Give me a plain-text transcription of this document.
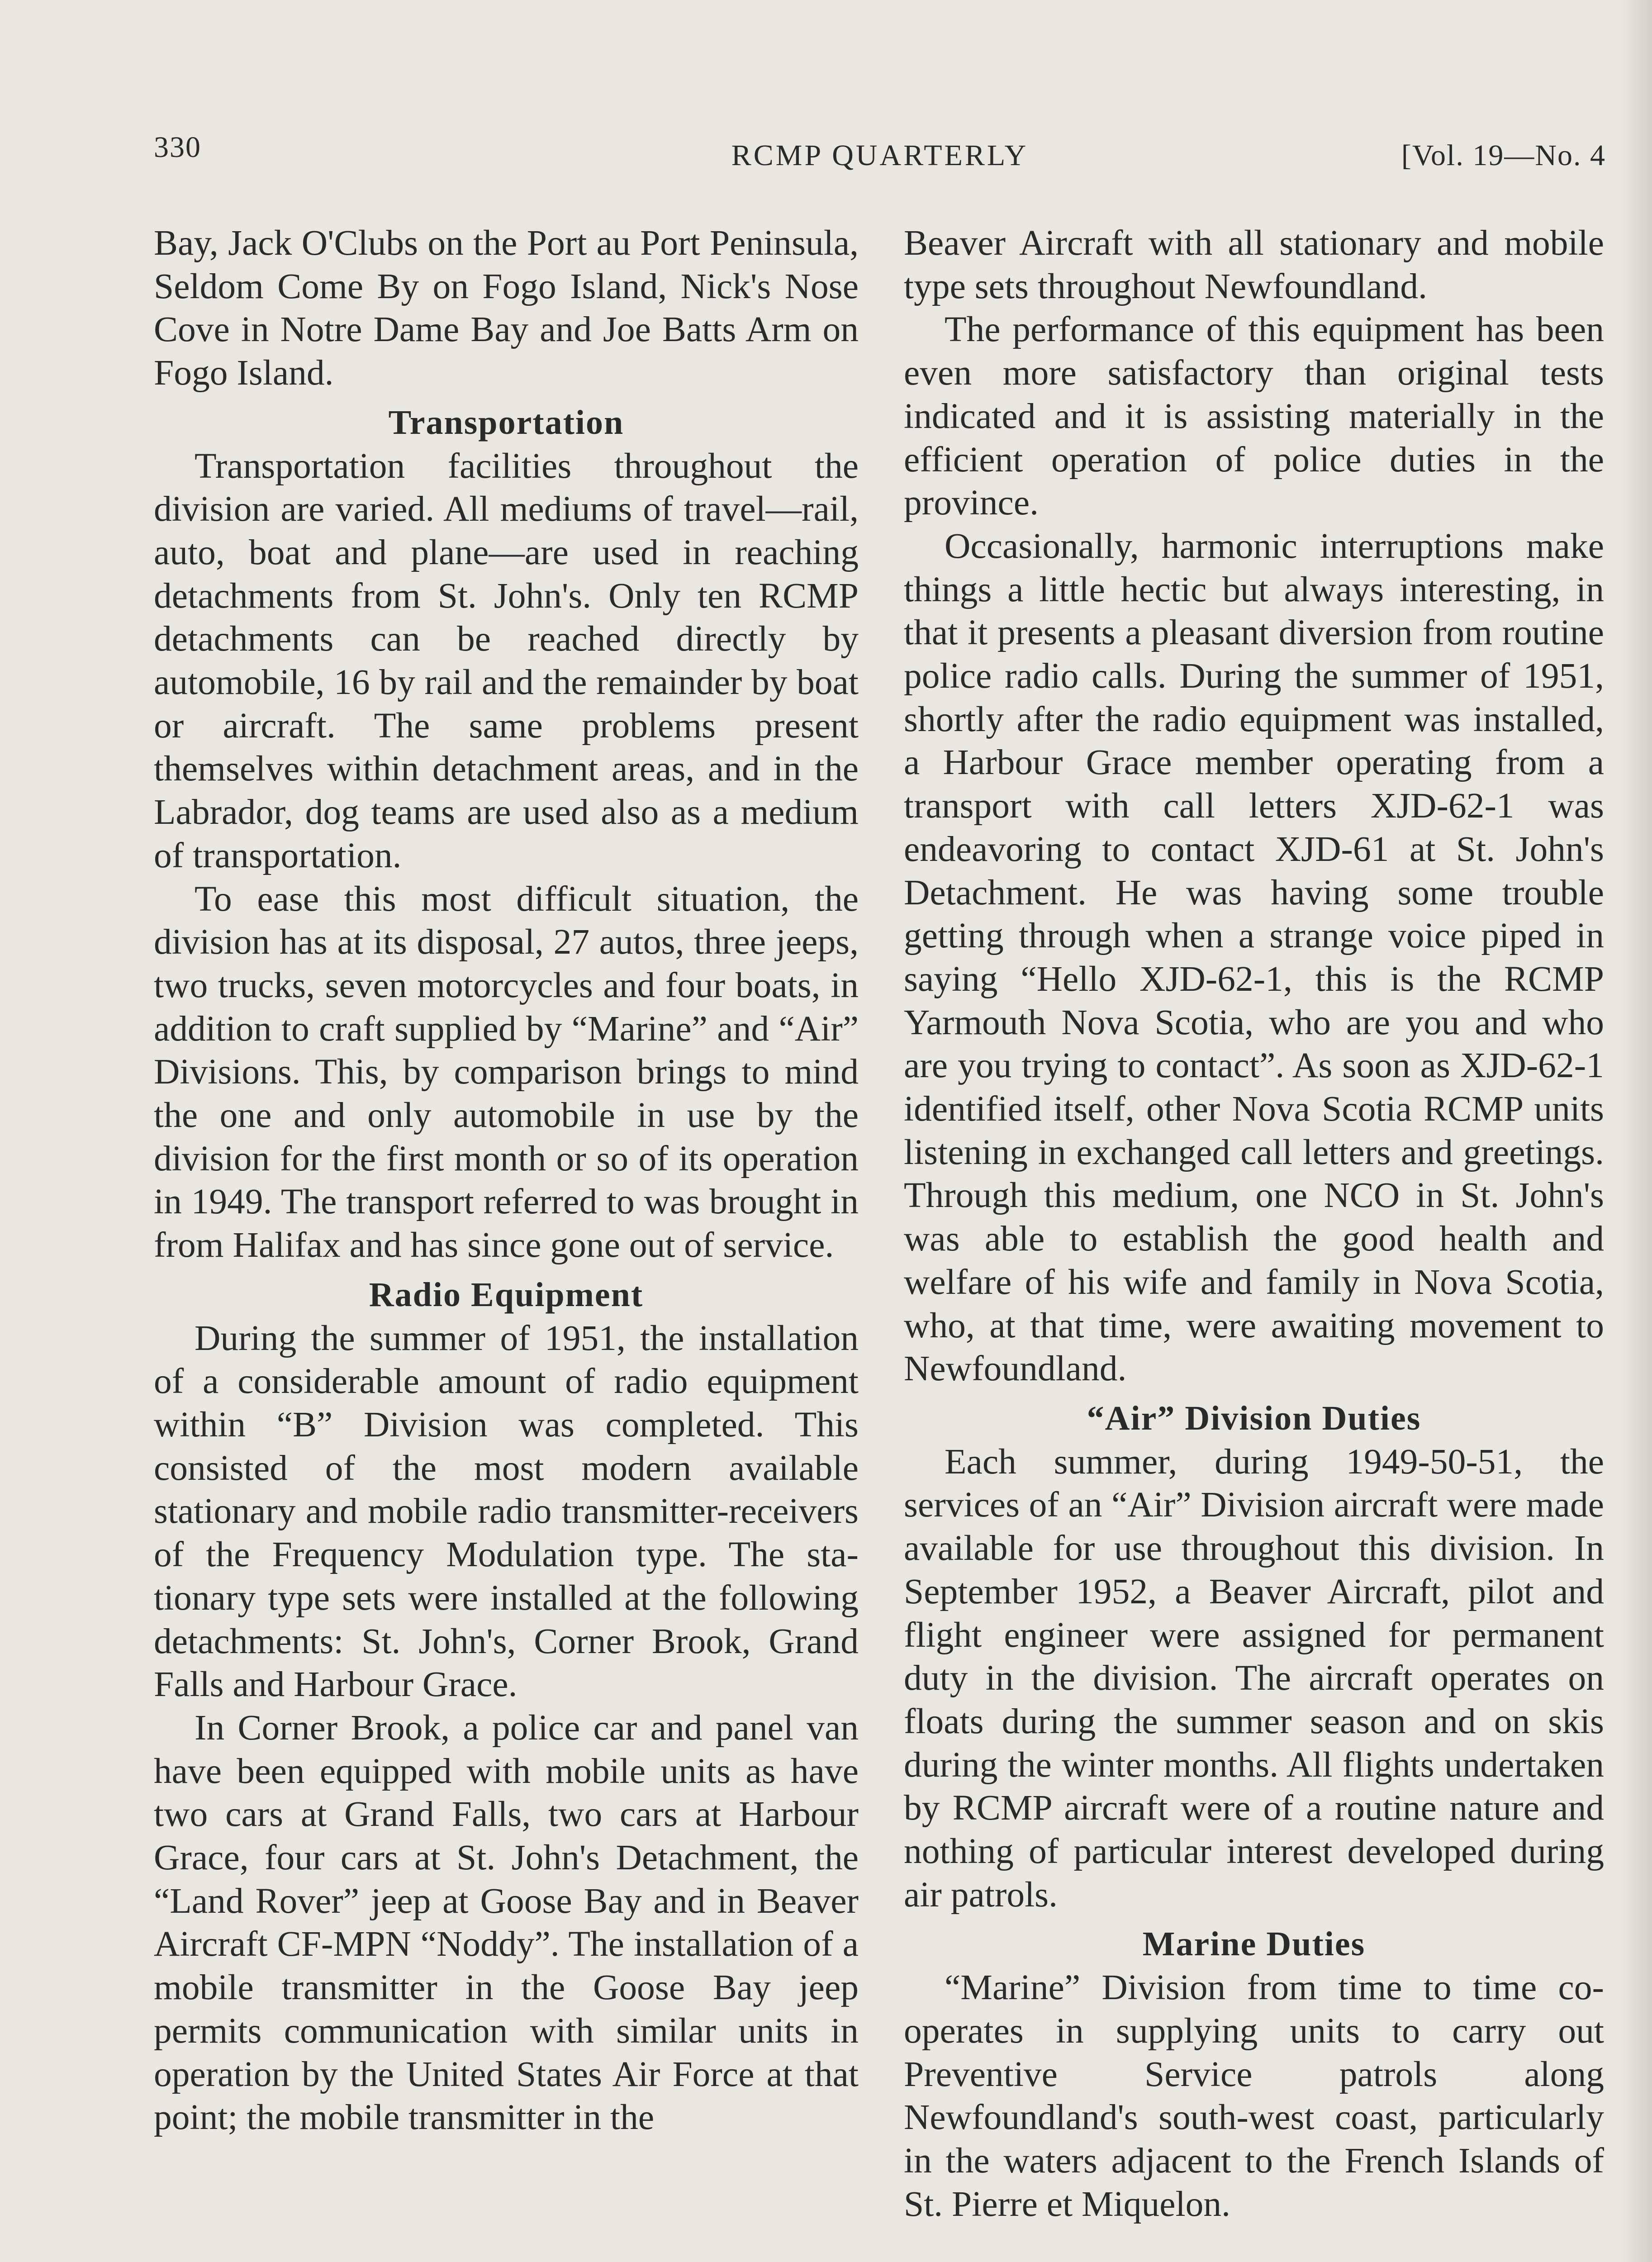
330	RCMP QUARTERLY	[Vol. 19—No. 4

Bay, Jack O'Clubs on the Port au Port Peninsula, Seldom Come By on Fogo Island, Nick's Nose Cove in Notre Dame Bay and Joe Batts Arm on Fogo Island.

Transportation

Transportation facilities throughout the division are varied. All mediums of travel—rail, auto, boat and plane—are used in reaching detachments from St. John's. Only ten RCMP detachments can be reached directly by automobile, 16 by rail and the remainder by boat or aircraft. The same problems present themselves within detachment areas, and in the Labrador, dog teams are used also as a medium of transportation.

To ease this most difficult situation, the division has at its disposal, 27 autos, three jeeps, two trucks, seven motorcycles and four boats, in addition to craft supplied by “Marine” and “Air” Divisions. This, by comparison brings to mind the one and only automobile in use by the division for the first month or so of its operation in 1949. The transport referred to was brought in from Halifax and has since gone out of service.

Radio Equipment

During the summer of 1951, the installation of a considerable amount of radio equipment within “B” Division was completed. This consisted of the most modern available stationary and mobile radio transmitter-receivers of the Frequency Modulation type. The stationary type sets were installed at the following detachments: St. John's, Corner Brook, Grand Falls and Harbour Grace.

In Corner Brook, a police car and panel van have been equipped with mobile units as have two cars at Grand Falls, two cars at Harbour Grace, four cars at St. John's Detachment, the “Land Rover” jeep at Goose Bay and in Beaver Aircraft CF-MPN “Noddy”. The installation of a mobile transmitter in the Goose Bay jeep permits communication with similar units in operation by the United States Air Force at that point; the mobile transmitter in the

Beaver Aircraft with all stationary and mobile type sets throughout Newfoundland.

The performance of this equipment has been even more satisfactory than original tests indicated and it is assisting materially in the efficient operation of police duties in the province.

Occasionally, harmonic interruptions make things a little hectic but always interesting, in that it presents a pleasant diversion from routine police radio calls. During the summer of 1951, shortly after the radio equipment was installed, a Harbour Grace member operating from a transport with call letters XJD-62-1 was endeavoring to contact XJD-61 at St. John's Detachment. He was having some trouble getting through when a strange voice piped in saying “Hello XJD-62-1, this is the RCMP Yarmouth Nova Scotia, who are you and who are you trying to contact”. As soon as XJD-62-1 identified itself, other Nova Scotia RCMP units listening in exchanged call letters and greetings. Through this medium, one NCO in St. John's was able to establish the good health and welfare of his wife and family in Nova Scotia, who, at that time, were awaiting movement to Newfoundland.

“Air” Division Duties

Each summer, during 1949-50-51, the services of an “Air” Division aircraft were made available for use throughout this division. In September 1952, a Beaver Aircraft, pilot and flight engineer were assigned for permanent duty in the division. The aircraft operates on floats during the summer season and on skis during the winter months. All flights undertaken by RCMP aircraft were of a routine nature and nothing of particular interest developed during air patrols.

Marine Duties

“Marine” Division from time to time co-operates in supplying units to carry out Preventive Service patrols along Newfoundland's south-west coast, particularly in the waters adjacent to the French Islands of St. Pierre et Miquelon.
